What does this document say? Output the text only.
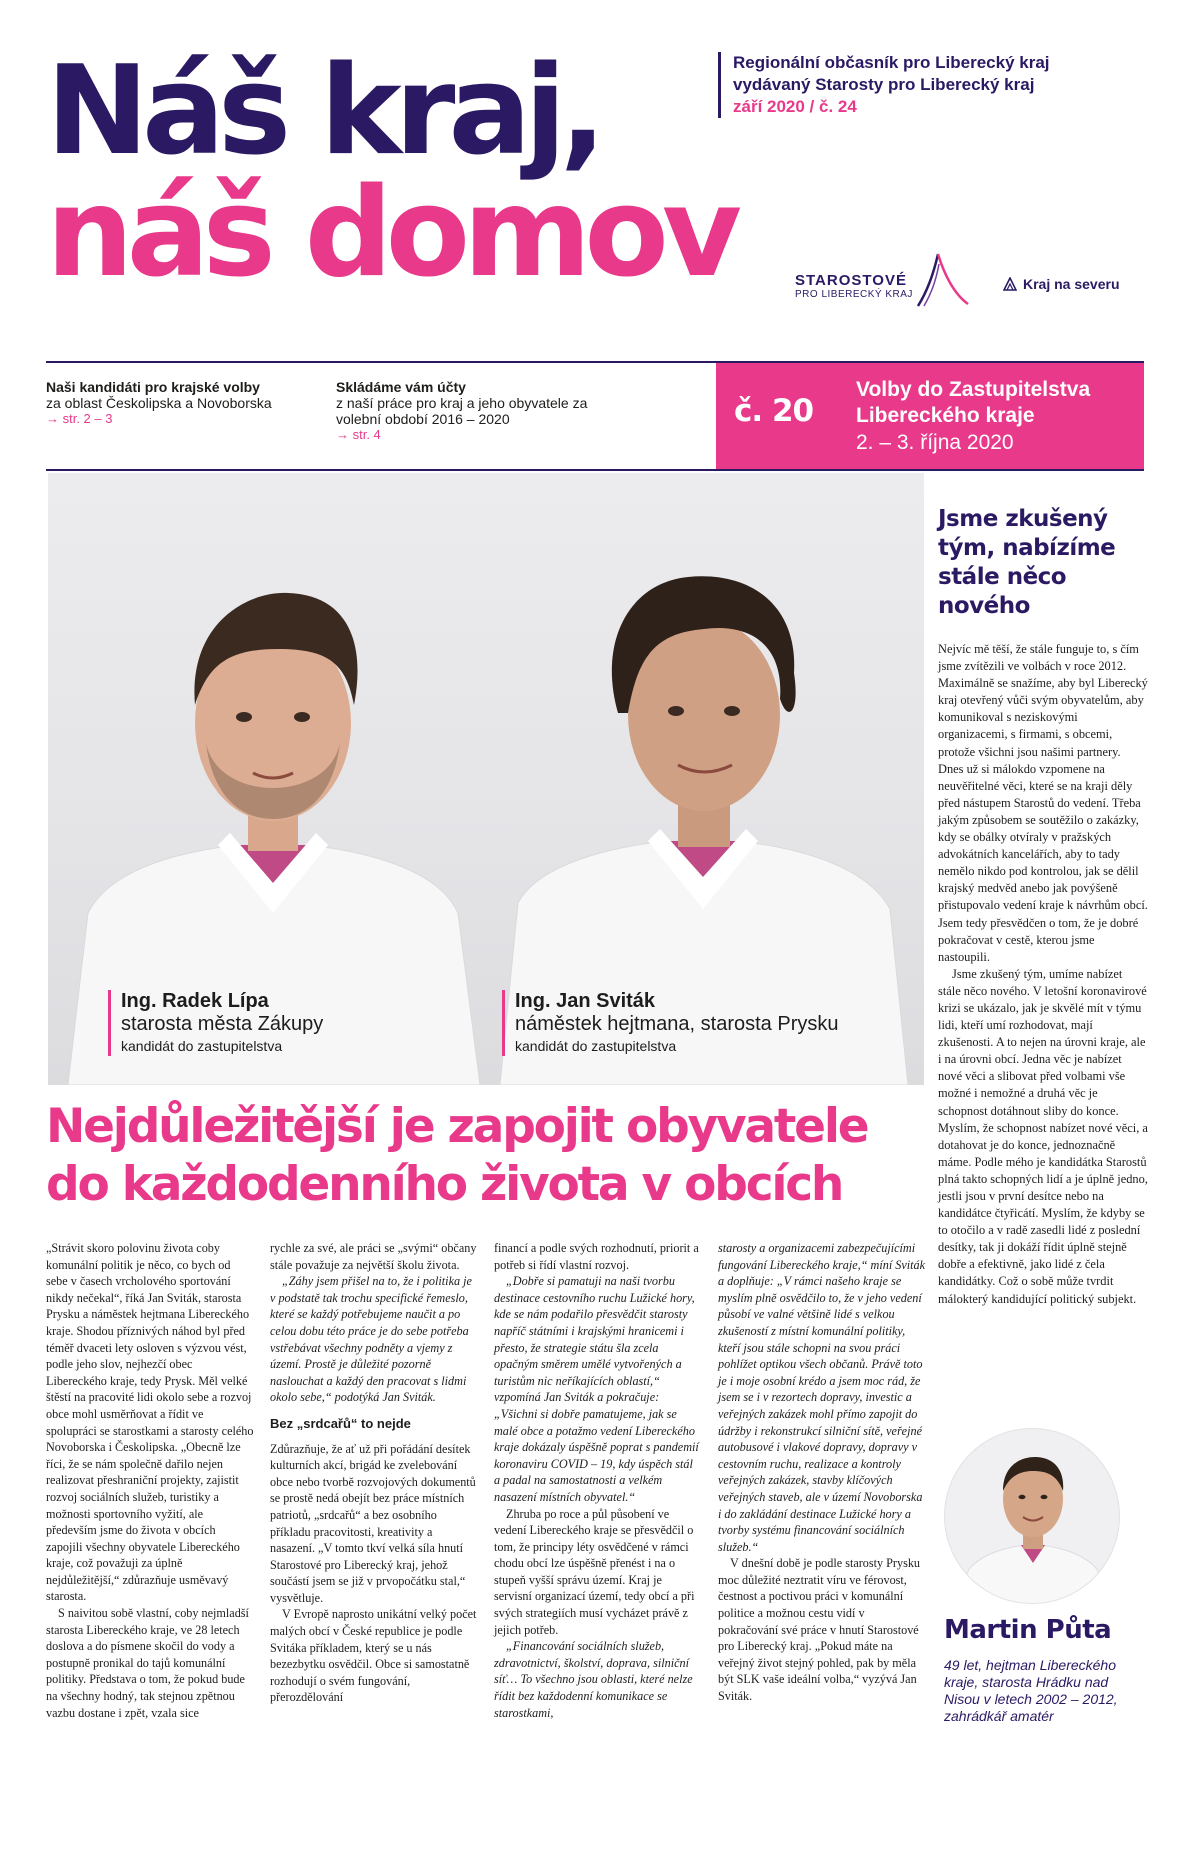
Náš kraj,
náš domov
Regionální občasník pro Liberecký kraj
vydávaný Starosty pro Liberecký kraj
září 2020 / č. 24
STAROSTOVÉ
PRO LIBERECKÝ KRAJ
Kraj na severu
Naši kandidáti pro krajské volby
za oblast Českolipska a Novoborska
→ str. 2 – 3
Skládáme vám účty
z naší práce pro kraj a jeho obyvatele za volební období 2016 – 2020
→ str. 4
č. 20
Volby do Zastupitelstva
Libereckého kraje
2. – 3. října 2020
Ing. Radek Lípa
starosta města Zákupy
kandidát do zastupitelstva
Ing. Jan Sviták
náměstek hejtmana, starosta Prysku
kandidát do zastupitelstva
Jsme zkušený tým, nabízíme stále něco nového

Nejvíc mě těší, že stále funguje to, s čím jsme zvítězili ve volbách v roce 2012. Maximálně se snažíme, aby byl Liberecký kraj otevřený vůči svým obyvatelům, aby komunikoval s neziskovými organizacemi, s firmami, s obcemi, protože všichni jsou našimi partnery. Dnes už si málokdo vzpomene na neuvěřitelné věci, které se na kraji děly před nástupem Starostů do vedení. Třeba jakým způsobem se soutěžilo o zakázky, kdy se obálky otvíraly v pražských advokátních kancelářích, aby to tady nemělo nikdo pod kontrolou, jak se dělil krajský medvěd anebo jak povýšeně přistupovalo vedení kraje k návrhům obcí. Jsem tedy přesvědčen o tom, že je dobré pokračovat v cestě, kterou jsme nastoupili.

Jsme zkušený tým, umíme nabízet stále něco nového. V letošní koronavirové krizi se ukázalo, jak je skvělé mít v týmu lidi, kteří umí rozhodovat, mají zkušenosti. A to nejen na úrovni kraje, ale i na úrovni obcí. Jedna věc je nabízet nové věci a slibovat před volbami vše možné i nemožné a druhá věc je schopnost dotáhnout sliby do konce. Myslím, že schopnost nabízet nové věci, a dotahovat je do konce, jednoznačně máme. Podle mého je kandidátka Starostů plná takto schopných lidí a je úplně jedno, jestli jsou v první desítce nebo na kandidátce čtyřicátí. Myslím, že kdyby se to otočilo a v radě zasedli lidé z poslední desítky, tak ji dokáží řídit úplně stejně dobře a efektivně, jako lidé z čela kandidátky. Což o sobě může tvrdit málokterý kandidující politický subjekt.

Martin Půta
49 let, hejtman Libereckého kraje, starosta Hrádku nad Nisou v letech 2002 – 2012, zahrádkář amatér
Nejdůležitější je zapojit obyvatele
do každodenního života v obcích

„Strávit skoro polovinu života coby komunální politik je něco, co bych od sebe v časech vrcholového sportování nikdy nečekal“, říká Jan Sviták, starosta Prysku a náměstek hejtmana Libereckého kraje. Shodou příznivých náhod byl před téměř dvaceti lety osloven s výzvou vést, podle jeho slov, nejhezčí obec Libereckého kraje, tedy Prysk. Měl velké štěstí na pracovité lidi okolo sebe a rozvoj obce mohl usměrňovat a řídit ve spolupráci se starostkami a starosty celého Novoborska i Českolipska. „Obecně lze říci, že se nám společně dařilo nejen realizovat přeshraniční projekty, zajistit rozvoj sociálních služeb, turistiky a možnosti sportovního vyžití, ale především jsme do života v obcích zapojili všechny obyvatele Libereckého kraje, což považuji za úplně nejdůležitější,“ zdůrazňuje usměvavý starosta.

S naivitou sobě vlastní, coby nejmladší starosta Libereckého kraje, ve 28 letech doslova a do písmene skočil do vody a postupně pronikal do tajů komunální politiky. Představa o tom, že pokud bude na všechny hodný, tak stejnou zpětnou vazbu dostane i zpět, vzala sice

rychle za své, ale práci se „svými“ občany stále považuje za největší školu života.

„Záhy jsem přišel na to, že i politika je v podstatě tak trochu specifické řemeslo, které se každý potřebujeme naučit a po celou dobu této práce je do sebe potřeba vstřebávat všechny podněty a vjemy z území. Prostě je důležité pozorně naslouchat a každý den pracovat s lidmi okolo sebe,“ podotýká Jan Sviták.

Bez „srdcařů“ to nejde

Zdůrazňuje, že ať už při pořádání desítek kulturních akcí, brigád ke zvelebování obce nebo tvorbě rozvojových dokumentů se prostě nedá obejít bez práce místních patriotů, „srdcařů“ a bez osobního příkladu pracovitosti, kreativity a nasazení. „V tomto tkví velká síla hnutí Starostové pro Liberecký kraj, jehož součástí jsem se již v prvopočátku stal,“ vysvětluje.

V Evropě naprosto unikátní velký počet malých obcí v České republice je podle Svitáka příkladem, který se u nás bezezbytku osvědčil. Obce si samostatně rozhodují o svém fungování, přerozdělování

financí a podle svých rozhodnutí, priorit a potřeb si řídí vlastní rozvoj.

„Dobře si pamatuji na naši tvorbu destinace cestovního ruchu Lužické hory, kde se nám podařilo přesvědčit starosty napříč státními i krajskými hranicemi i přesto, že strategie státu šla zcela opačným směrem umělé vytvořených a turistům nic neříkajících oblastí,“ vzpomíná Jan Sviták a pokračuje: „Všichni si dobře pamatujeme, jak se malé obce a potažmo vedení Libereckého kraje dokázaly úspěšně poprat s pandemií koronaviru COVID – 19, kdy úspěch stál a padal na samostatnosti a velkém nasazení místních obyvatel.“

Zhruba po roce a půl působení ve vedení Libereckého kraje se přesvědčil o tom, že principy léty osvědčené v rámci chodu obcí lze úspěšně přenést i na o stupeň vyšší správu území. Kraj je servisní organizací území, tedy obcí a při svých strategiích musí vycházet právě z jejich potřeb.

„Financování sociálních služeb, zdravotnictví, školství, doprava, silniční síť… To všechno jsou oblasti, které nelze řídit bez každodenní komunikace se starostkami,

starosty a organizacemi zabezpečujícími fungování Libereckého kraje,“ míní Sviták a doplňuje: „V rámci našeho kraje se myslím plně osvědčilo to, že v jeho vedení působí ve valné většině lidé s velkou zkušeností z místní komunální politiky, kteří jsou stále schopni na svou práci pohlížet optikou všech občanů. Právě toto je i moje osobní krédo a jsem moc rád, že jsem se i v rezortech dopravy, investic a veřejných zakázek mohl přímo zapojit do údržby i rekonstrukcí silniční sítě, veřejné autobusové i vlakové dopravy, dopravy v cestovním ruchu, realizace a kontroly veřejných zakázek, stavby klíčových veřejných staveb, ale v území Novoborska i do zakládání destinace Lužické hory a tvorby systému financování sociálních služeb.“

V dnešní době je podle starosty Prysku moc důležité neztratit víru ve férovost, čestnost a poctivou práci v komunální politice a možnou cestu vidí v pokračování své práce v hnutí Starostové pro Liberecký kraj. „Pokud máte na veřejný život stejný pohled, pak by měla být SLK vaše ideální volba,“ vyzývá Jan Sviták.
